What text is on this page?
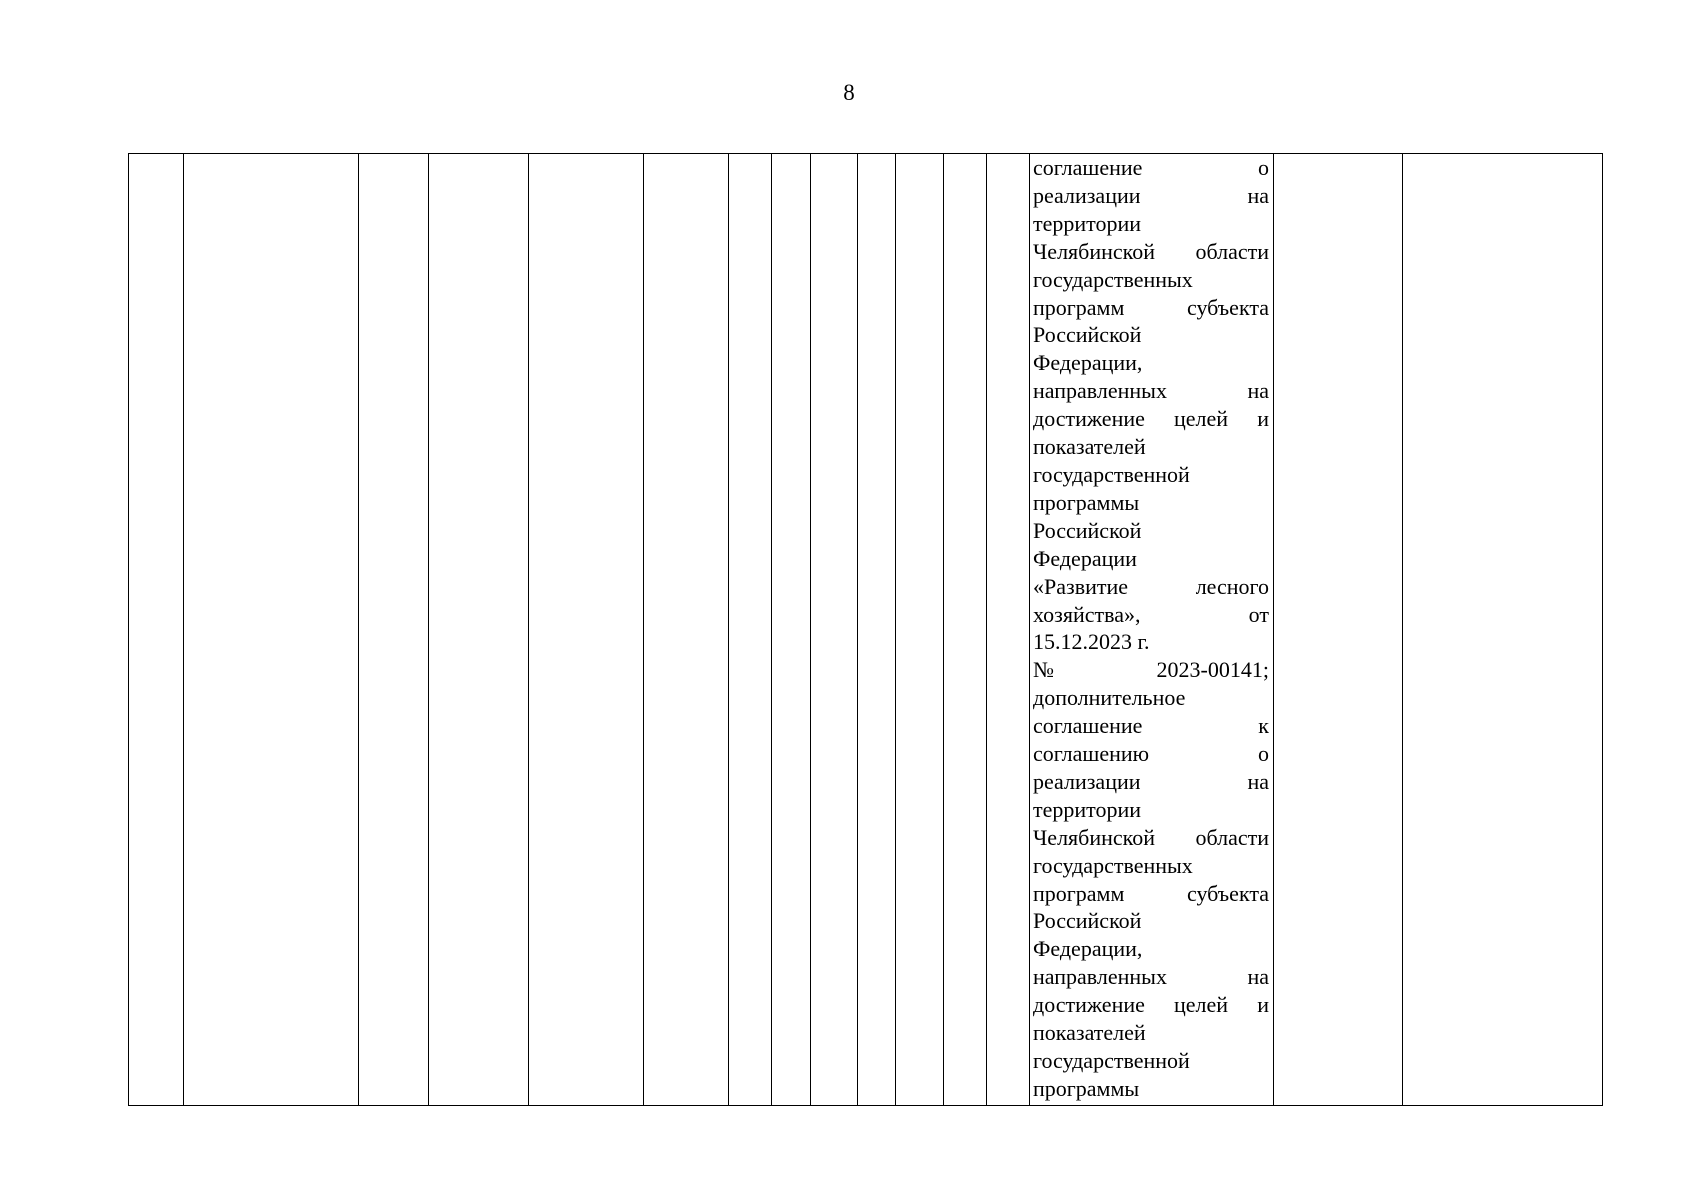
8

соглашение	о
реализации	на
территории
Челябинской области
государственных
программ	субъекта
Российской
Федерации,
направленных	на
достижение целей и
показателей
государственной
программы
Российской
Федерации
«Развитие	лесного
хозяйства»,	от
15.12.2023 г.
№	2023-00141;
дополнительное
соглашение	к
соглашению	о
реализации	на
территории
Челябинской области
государственных
программ	субъекта
Российской
Федерации,
направленных	на
достижение целей и
показателей
государственной
программы
